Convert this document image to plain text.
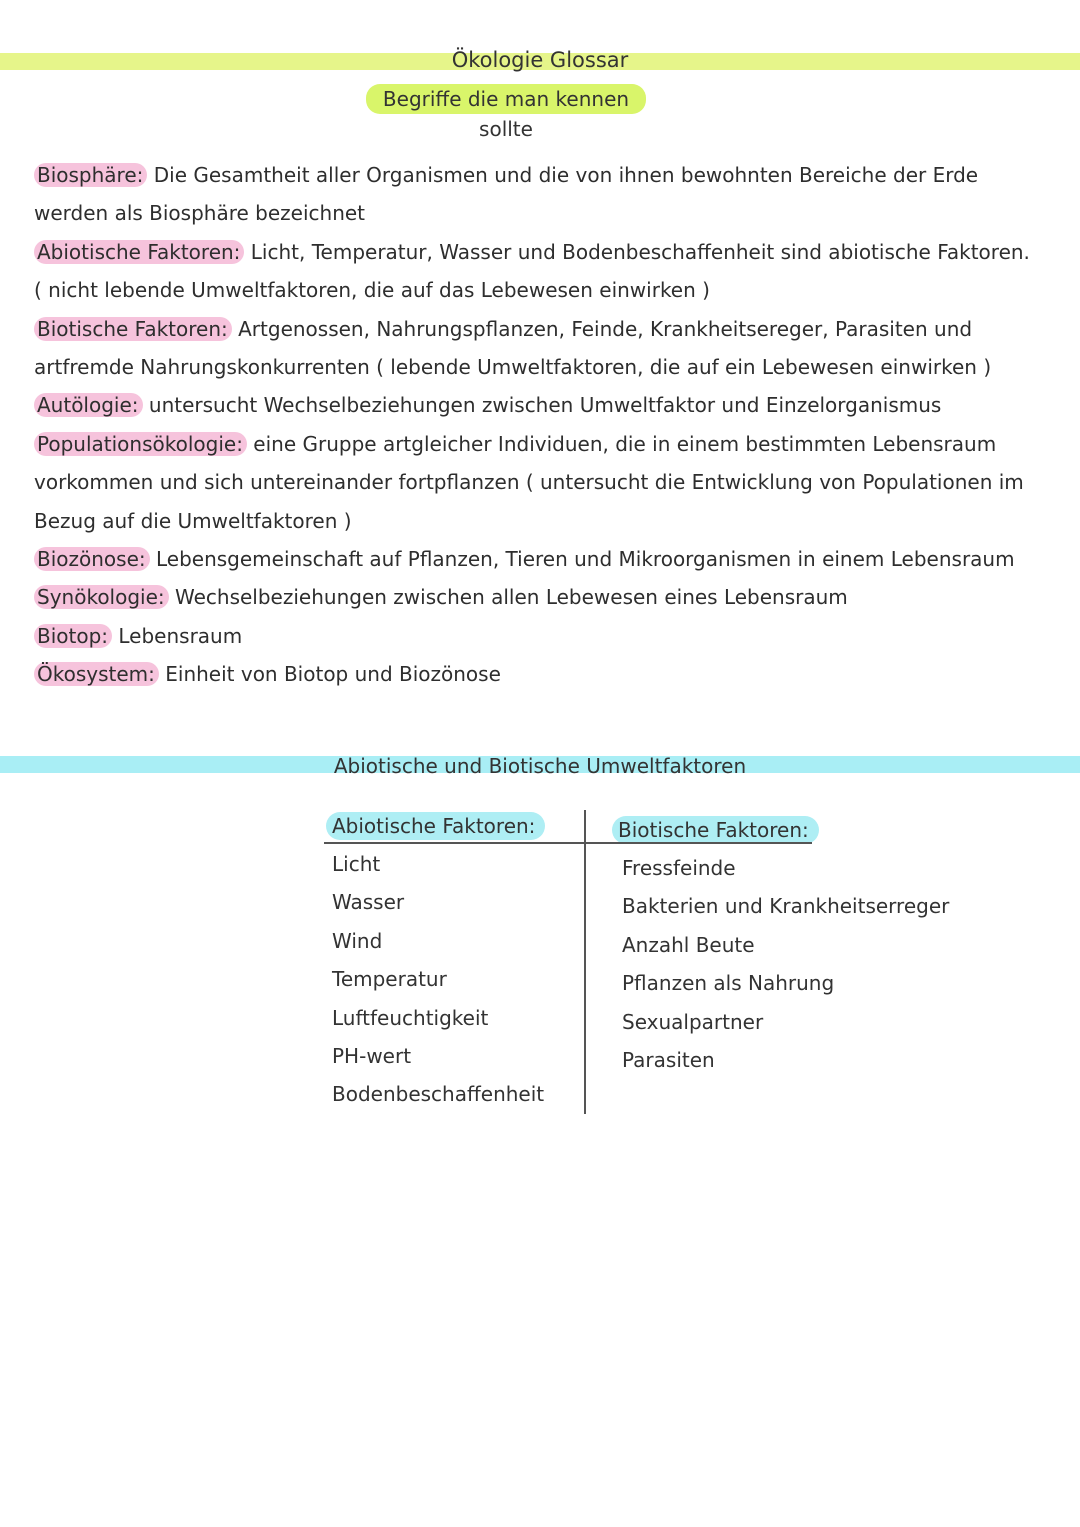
Ökologie Glossar
Begriffe die man kennen sollte

Biosphäre: Die Gesamtheit aller Organismen und die von ihnen bewohnten Bereiche der Erde werden als Biosphäre bezeichnet

Abiotische Faktoren: Licht, Temperatur, Wasser und Bodenbeschaffenheit sind abiotische Faktoren. ( nicht lebende Umweltfaktoren, die auf das Lebewesen einwirken )

Biotische Faktoren: Artgenossen, Nahrungspflanzen, Feinde, Krankheitsereger, Parasiten und artfremde Nahrungskonkurrenten ( lebende Umweltfaktoren, die auf ein Lebewesen einwirken )

Autölogie: untersucht Wechselbeziehungen zwischen Umweltfaktor und Einzelorganismus

Populationsökologie: eine Gruppe artgleicher Individuen, die in einem bestimmten Lebensraum vorkommen und sich untereinander fortpflanzen ( untersucht die Entwicklung von Populationen im Bezug auf die Umweltfaktoren )

Biozönose: Lebensgemeinschaft auf Pflanzen, Tieren und Mikroorganismen in einem Lebensraum

Synökologie: Wechselbeziehungen zwischen allen Lebewesen eines Lebensraum

Biotop: Lebensraum

Ökosystem: Einheit von Biotop und Biozönose

Abiotische und Biotische Umweltfaktoren
Abiotische Faktoren:	Biotische Faktoren:
Licht
Wasser
Wind
Temperatur
Luftfeuchtigkeit
PH-wert
Bodenbeschaffenheit
Fressfeinde
Bakterien und Krankheitserreger
Anzahl Beute
Pflanzen als Nahrung
Sexualpartner
Parasiten
